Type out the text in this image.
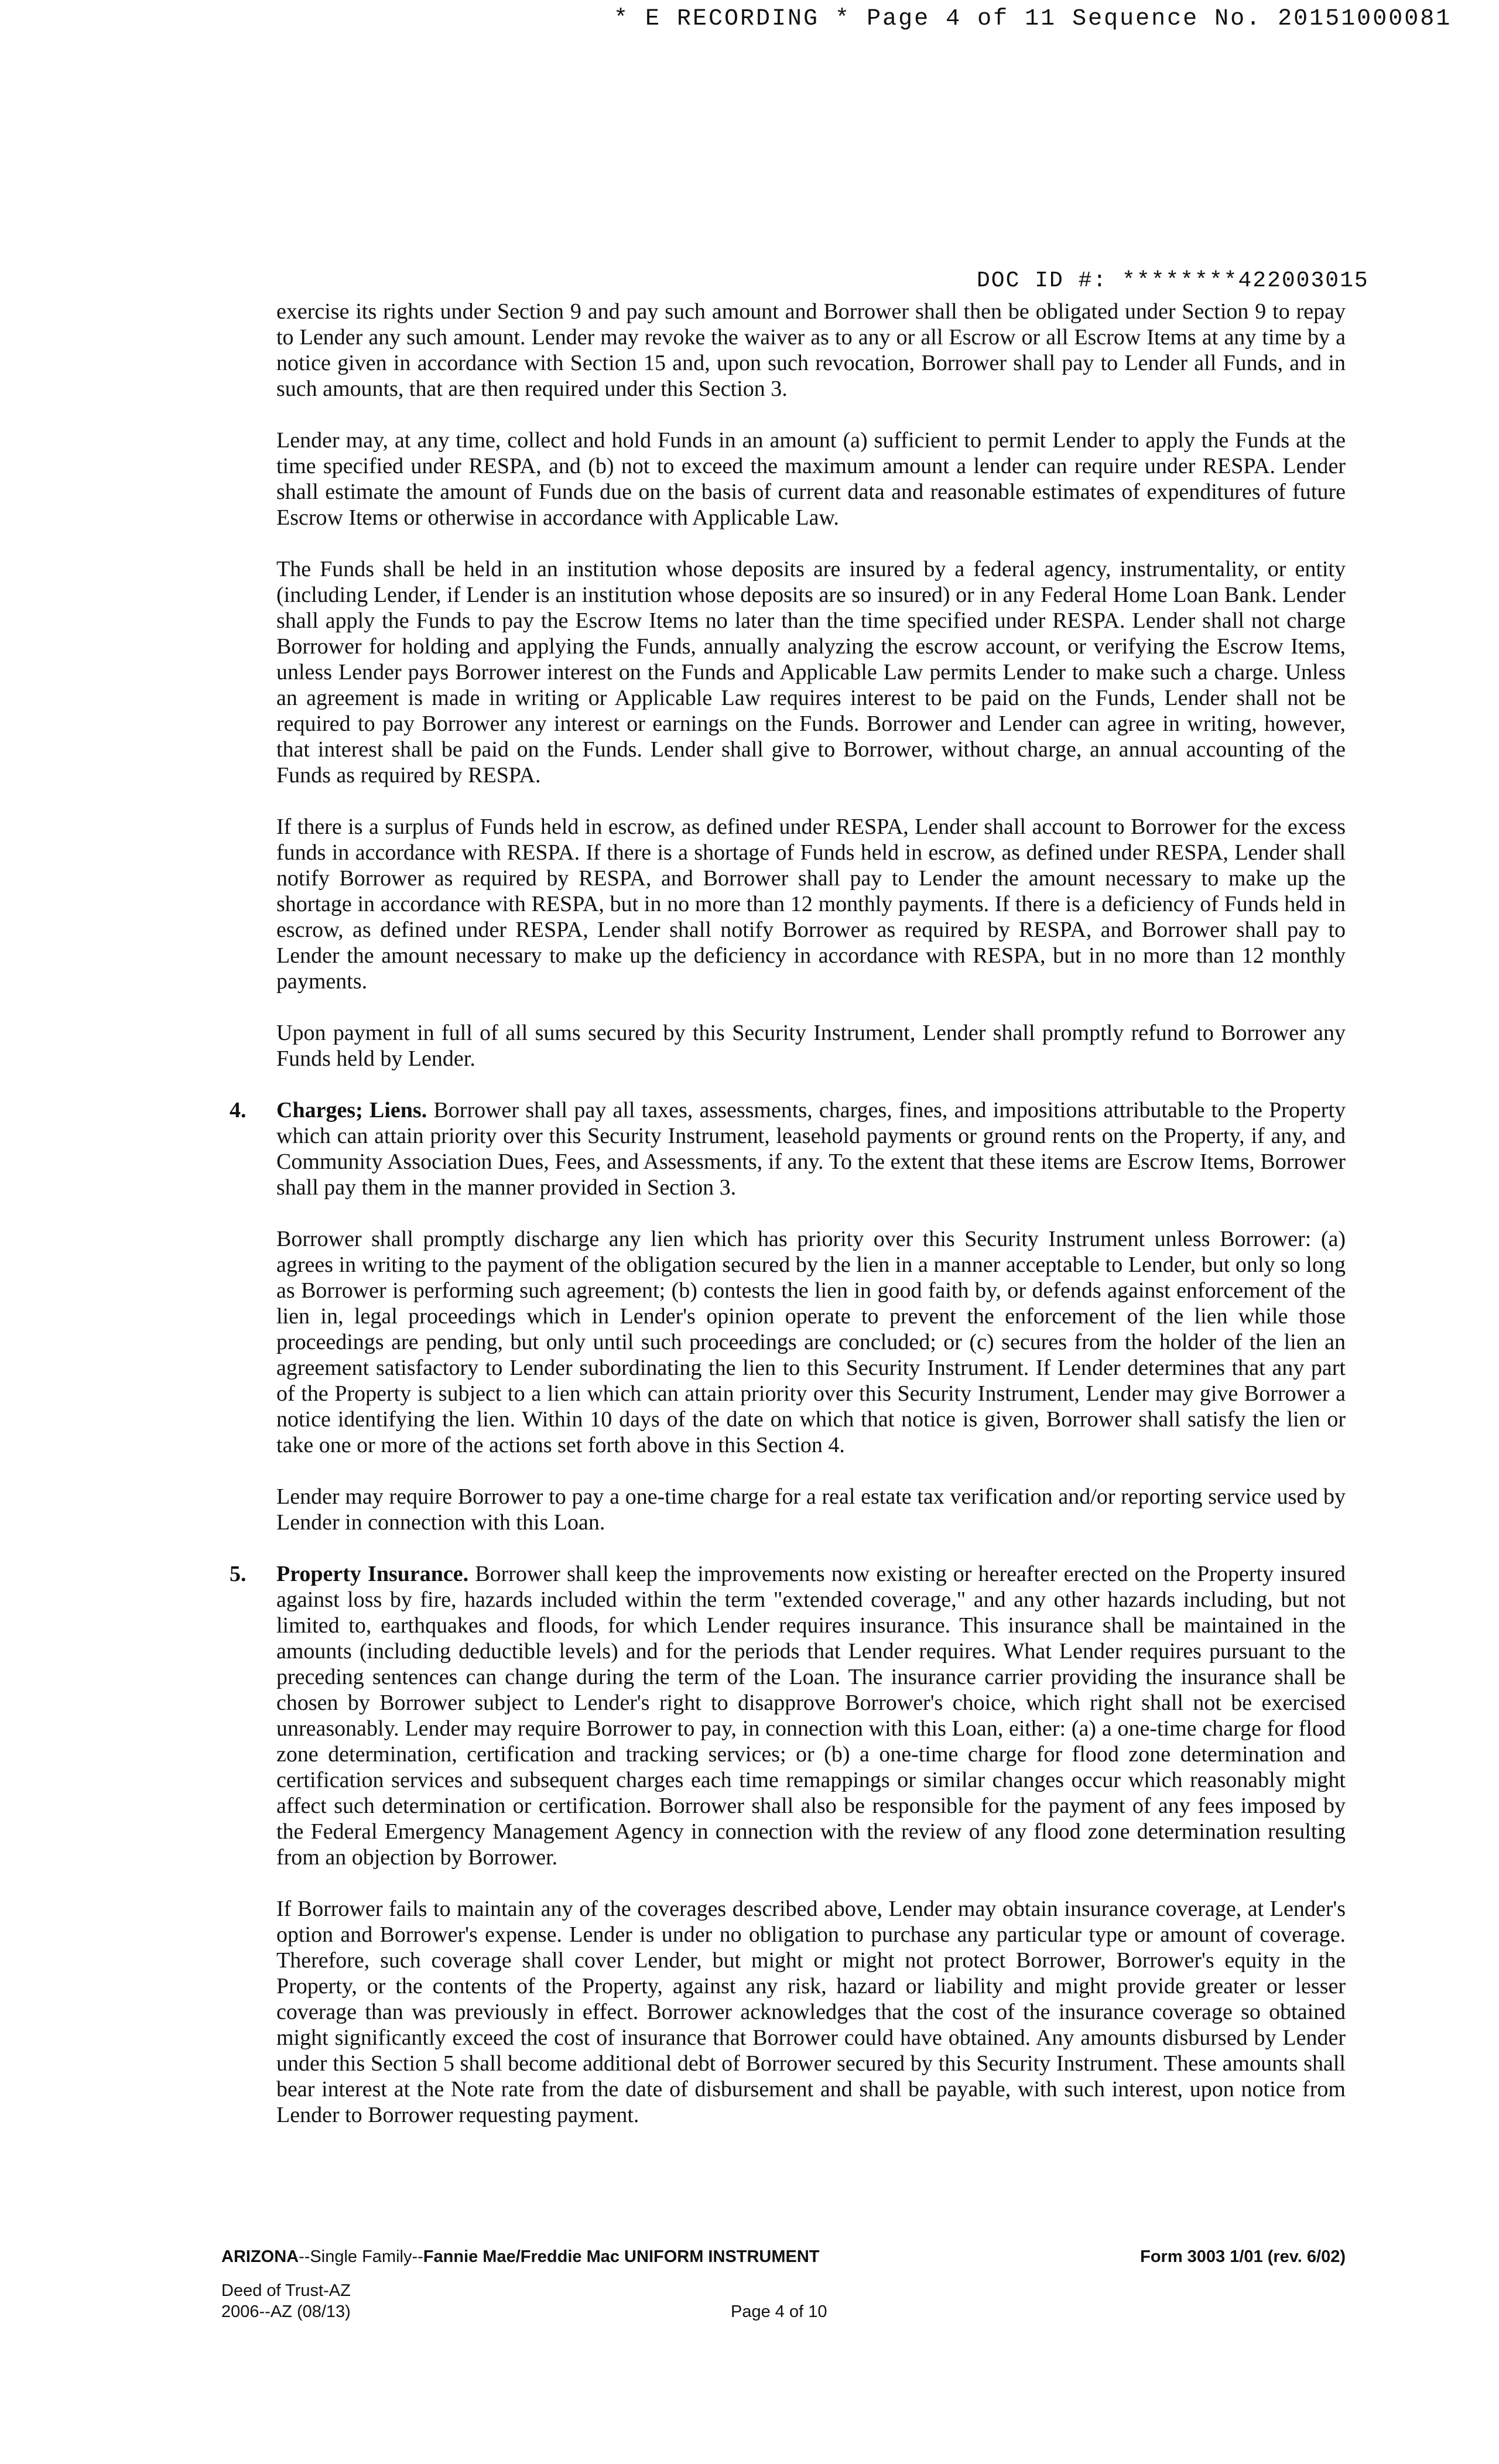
* E RECORDING * Page 4 of 11 Sequence No. 20151000081
DOC ID #: ********422003015

exercise its rights under Section 9 and pay such amount and Borrower shall then be obligated under Section 9 to repay to Lender any such amount. Lender may revoke the waiver as to any or all Escrow or all Escrow Items at any time by a notice given in accordance with Section 15 and, upon such revocation, Borrower shall pay to Lender all Funds, and in such amounts, that are then required under this Section 3.

Lender may, at any time, collect and hold Funds in an amount (a) sufficient to permit Lender to apply the Funds at the time specified under RESPA, and (b) not to exceed the maximum amount a lender can require under RESPA. Lender shall estimate the amount of Funds due on the basis of current data and reasonable estimates of expenditures of future Escrow Items or otherwise in accordance with Applicable Law.

The Funds shall be held in an institution whose deposits are insured by a federal agency, instrumentality, or entity (including Lender, if Lender is an institution whose deposits are so insured) or in any Federal Home Loan Bank. Lender shall apply the Funds to pay the Escrow Items no later than the time specified under RESPA. Lender shall not charge Borrower for holding and applying the Funds, annually analyzing the escrow account, or verifying the Escrow Items, unless Lender pays Borrower interest on the Funds and Applicable Law permits Lender to make such a charge. Unless an agreement is made in writing or Applicable Law requires interest to be paid on the Funds, Lender shall not be required to pay Borrower any interest or earnings on the Funds. Borrower and Lender can agree in writing, however, that interest shall be paid on the Funds. Lender shall give to Borrower, without charge, an annual accounting of the Funds as required by RESPA.

If there is a surplus of Funds held in escrow, as defined under RESPA, Lender shall account to Borrower for the excess funds in accordance with RESPA. If there is a shortage of Funds held in escrow, as defined under RESPA, Lender shall notify Borrower as required by RESPA, and Borrower shall pay to Lender the amount necessary to make up the shortage in accordance with RESPA, but in no more than 12 monthly payments. If there is a deficiency of Funds held in escrow, as defined under RESPA, Lender shall notify Borrower as required by RESPA, and Borrower shall pay to Lender the amount necessary to make up the deficiency in accordance with RESPA, but in no more than 12 monthly payments.

Upon payment in full of all sums secured by this Security Instrument, Lender shall promptly refund to Borrower any Funds held by Lender.

4. Charges; Liens. Borrower shall pay all taxes, assessments, charges, fines, and impositions attributable to the Property which can attain priority over this Security Instrument, leasehold payments or ground rents on the Property, if any, and Community Association Dues, Fees, and Assessments, if any. To the extent that these items are Escrow Items, Borrower shall pay them in the manner provided in Section 3.

Borrower shall promptly discharge any lien which has priority over this Security Instrument unless Borrower: (a) agrees in writing to the payment of the obligation secured by the lien in a manner acceptable to Lender, but only so long as Borrower is performing such agreement; (b) contests the lien in good faith by, or defends against enforcement of the lien in, legal proceedings which in Lender's opinion operate to prevent the enforcement of the lien while those proceedings are pending, but only until such proceedings are concluded; or (c) secures from the holder of the lien an agreement satisfactory to Lender subordinating the lien to this Security Instrument. If Lender determines that any part of the Property is subject to a lien which can attain priority over this Security Instrument, Lender may give Borrower a notice identifying the lien. Within 10 days of the date on which that notice is given, Borrower shall satisfy the lien or take one or more of the actions set forth above in this Section 4.

Lender may require Borrower to pay a one-time charge for a real estate tax verification and/or reporting service used by Lender in connection with this Loan.

5. Property Insurance. Borrower shall keep the improvements now existing or hereafter erected on the Property insured against loss by fire, hazards included within the term "extended coverage," and any other hazards including, but not limited to, earthquakes and floods, for which Lender requires insurance. This insurance shall be maintained in the amounts (including deductible levels) and for the periods that Lender requires. What Lender requires pursuant to the preceding sentences can change during the term of the Loan. The insurance carrier providing the insurance shall be chosen by Borrower subject to Lender's right to disapprove Borrower's choice, which right shall not be exercised unreasonably. Lender may require Borrower to pay, in connection with this Loan, either: (a) a one-time charge for flood zone determination, certification and tracking services; or (b) a one-time charge for flood zone determination and certification services and subsequent charges each time remappings or similar changes occur which reasonably might affect such determination or certification. Borrower shall also be responsible for the payment of any fees imposed by the Federal Emergency Management Agency in connection with the review of any flood zone determination resulting from an objection by Borrower.

If Borrower fails to maintain any of the coverages described above, Lender may obtain insurance coverage, at Lender's option and Borrower's expense. Lender is under no obligation to purchase any particular type or amount of coverage. Therefore, such coverage shall cover Lender, but might or might not protect Borrower, Borrower's equity in the Property, or the contents of the Property, against any risk, hazard or liability and might provide greater or lesser coverage than was previously in effect. Borrower acknowledges that the cost of the insurance coverage so obtained might significantly exceed the cost of insurance that Borrower could have obtained. Any amounts disbursed by Lender under this Section 5 shall become additional debt of Borrower secured by this Security Instrument. These amounts shall bear interest at the Note rate from the date of disbursement and shall be payable, with such interest, upon notice from Lender to Borrower requesting payment.

ARIZONA--Single Family--Fannie Mae/Freddie Mac UNIFORM INSTRUMENT	Form 3003 1/01 (rev. 6/02)
Deed of Trust-AZ
2006--AZ (08/13)	Page 4 of 10
